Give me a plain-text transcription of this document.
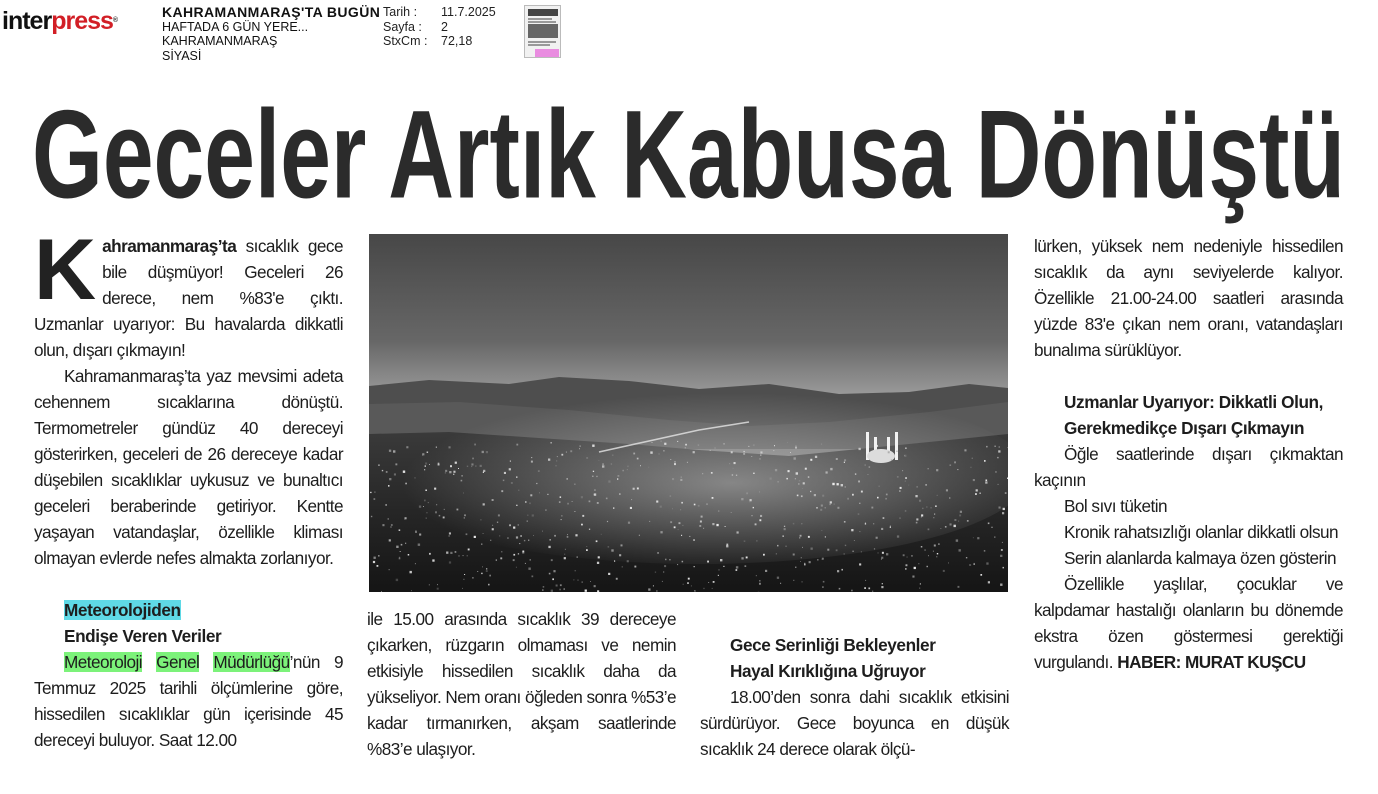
interpress®
KAHRAMANMARAŞ'TA BUGÜN
HAFTADA 6 GÜN YERE...
KAHRAMANMARAŞ
SİYASİ
Tarih :	11.7.2025
Sayfa :	2
StxCm :	72,18
Geceler Artık Kabusa Dönüştü

Kahramanmaraş’ta sıcaklık gece bile düşmüyor! Geceleri 26 derece, nem %83'e çıktı. Uzmanlar uyarıyor: Bu havalarda dikkatli olun, dışarı çıkmayın!

Kahramanmaraş’ta yaz mevsimi adeta cehennem sıcaklarına dönüştü. Termometreler gündüz 40 dereceyi gösterirken, geceleri de 26 dereceye kadar düşebilen sıcaklıklar uykusuz ve bunaltıcı geceleri beraberinde getiriyor. Kentte yaşayan vatandaşlar, özellikle kliması olmayan evlerde nefes almakta zorlanıyor.

Meteorolojiden
Endişe Veren Veriler

Meteoroloji Genel Müdürlüğü’nün 9 Temmuz 2025 tarihli ölçümlerine göre, hissedilen sıcaklıklar gün içerisinde 45 dereceyi buluyor. Saat 12.00

ile 15.00 arasında sıcaklık 39 dereceye çıkarken, rüzgarın olmaması ve nemin etkisiyle hissedilen sıcaklık daha da yükseliyor. Nem oranı öğleden sonra %53’e kadar tırmanırken, akşam saatlerinde %83’e ulaşıyor.

Gece Serinliği Bekleyenler
Hayal Kırıklığına Uğruyor

18.00’den sonra dahi sıcaklık etkisini sürdürüyor. Gece boyunca en düşük sıcaklık 24 derece olarak ölçü-

lürken, yüksek nem nedeniyle hissedilen sıcaklık da aynı seviyelerde kalıyor. Özellikle 21.00-24.00 saatleri arasında yüzde 83'e çıkan nem oranı, vatandaşları bunalıma sürüklüyor.

Uzmanlar Uyarıyor: Dikkatli Olun,

Gerekmedikçe Dışarı Çıkmayın

Öğle saatlerinde dışarı çıkmaktan kaçının

Bol sıvı tüketin

Kronik rahatsızlığı olanlar dikkatli olsun

Serin alanlarda kalmaya özen gösterin

Özellikle yaşlılar, çocuklar ve kalpdamar hastalığı olanların bu dönemde ekstra özen göstermesi gerektiği vurgulandı. HABER: MURAT KUŞCU
